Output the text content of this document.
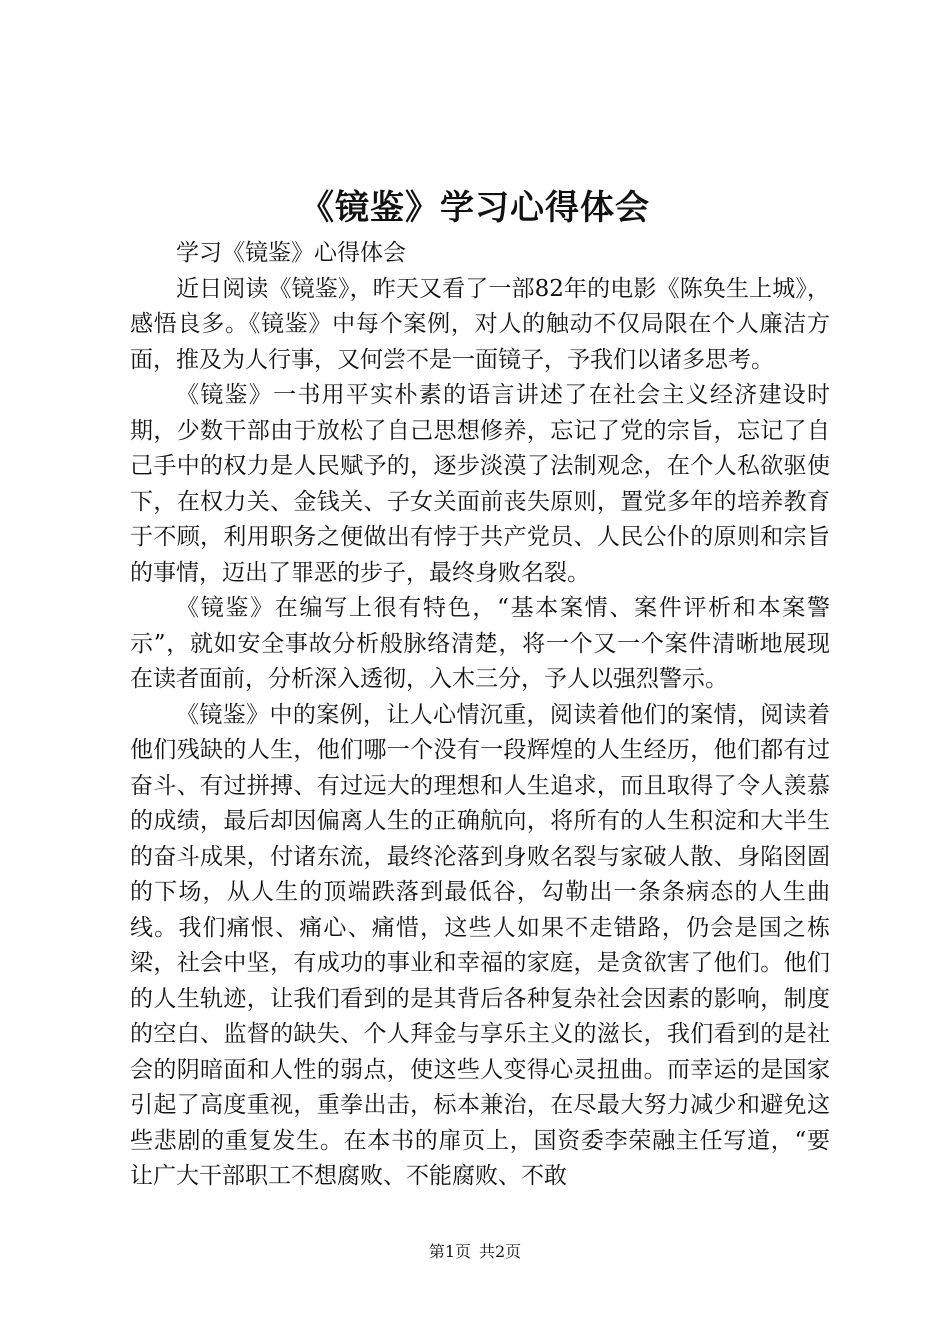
《镜鉴》学习心得体会

学习《镜鉴》心得体会

近日阅读《镜鉴》，昨天又看了一部82年的电影《陈奂生上城》，感悟良多。《镜鉴》中每个案例，对人的触动不仅局限在个人廉洁方面，推及为人行事，又何尝不是一面镜子，予我们以诸多思考。

《镜鉴》一书用平实朴素的语言讲述了在社会主义经济建设时期，少数干部由于放松了自己思想修养，忘记了党的宗旨，忘记了自己手中的权力是人民赋予的，逐步淡漠了法制观念，在个人私欲驱使下，在权力关、金钱关、子女关面前丧失原则，置党多年的培养教育于不顾，利用职务之便做出有悖于共产党员、人民公仆的原则和宗旨的事情，迈出了罪恶的步子，最终身败名裂。

《镜鉴》在编写上很有特色，“基本案情、案件评析和本案警示”，就如安全事故分析般脉络清楚，将一个又一个案件清晰地展现在读者面前，分析深入透彻，入木三分，予人以强烈警示。

《镜鉴》中的案例，让人心情沉重，阅读着他们的案情，阅读着他们残缺的人生，他们哪一个没有一段辉煌的人生经历，他们都有过奋斗、有过拼搏、有过远大的理想和人生追求，而且取得了令人羡慕的成绩，最后却因偏离人生的正确航向，将所有的人生积淀和大半生的奋斗成果，付诸东流，最终沦落到身败名裂与家破人散、身陷囹圄的下场，从人生的顶端跌落到最低谷，勾勒出一条条病态的人生曲线。我们痛恨、痛心、痛惜，这些人如果不走错路，仍会是国之栋梁，社会中坚，有成功的事业和幸福的家庭，是贪欲害了他们。他们的人生轨迹，让我们看到的是其背后各种复杂社会因素的影响，制度的空白、监督的缺失、个人拜金与享乐主义的滋长，我们看到的是社会的阴暗面和人性的弱点，使这些人变得心灵扭曲。而幸运的是国家引起了高度重视，重拳出击，标本兼治，在尽最大努力减少和避免这些悲剧的重复发生。在本书的扉页上，国资委李荣融主任写道，“要让广大干部职工不想腐败、不能腐败、不敢

第1页 共2页
